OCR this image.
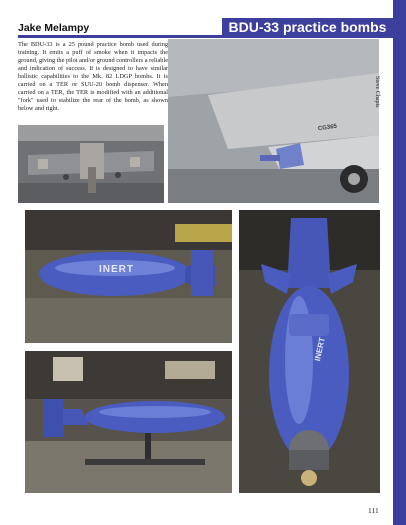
BDU-33 practice bombs
Jake Melampy

The BDU-33 is a 25 pound practice bomb used during training. It emits a puff of smoke when it impacts the ground, giving the pilot and/or ground controllers a reliable and indication of success. It is designed to have similar ballistic capabilities to the Mk. 82 LDGP bombs. It is carried on a TER or SUU-20 bomb dispenser. When carried on a TER, the TER is modified with an additional "fork" used to stabilize the rear of the bomb, as shown below and right.

CG365
INERT
INERT
Steve Chapis
111
